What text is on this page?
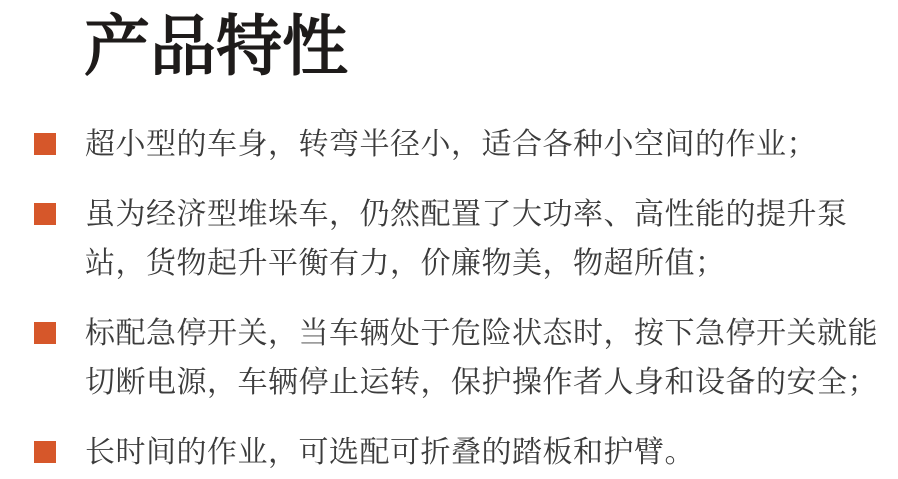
产品特性
超小型的车身，转弯半径小，适合各种小空间的作业；
虽为经济型堆垛车，仍然配置了大功率、高性能的提升泵
站，货物起升平衡有力，价廉物美，物超所值；
标配急停开关，当车辆处于危险状态时，按下急停开关就能
切断电源，车辆停止运转，保护操作者人身和设备的安全；
长时间的作业，可选配可折叠的踏板和护臂。
